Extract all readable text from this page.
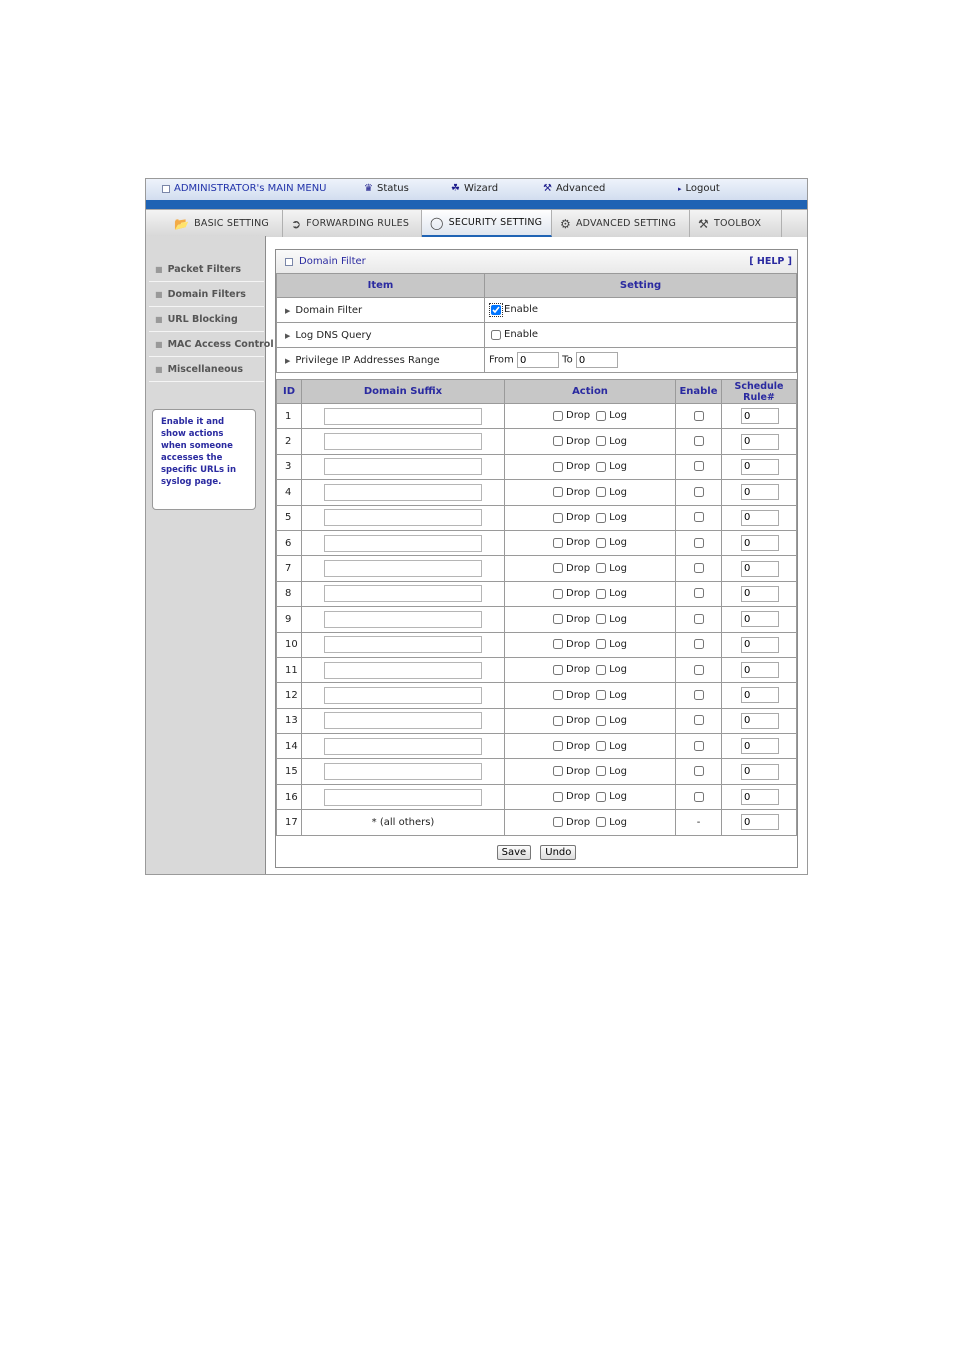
ADMINISTRATOR's MAIN MENU	♛ Status	☘ Wizard	⚒ Advanced	▸ Logout
📂 BASIC SETTING ➲ FORWARDING RULES ◯ SECURITY SETTING ⚙ ADVANCED SETTING ⚒ TOOLBOX
■ Packet Filters
■ Domain Filters
■ URL Blocking
■ MAC Access Control
■ Miscellaneous
Enable it and show actions when someone accesses the specific URLs in syslog page.
Domain Filter	[ HELP ]
Item	Setting
▶ Domain Filter	Enable
▶ Log DNS Query	Enable
▶ Privilege IP Addresses Range	From 0 To 0
ID	Domain Suffix	Action	Enable	Schedule Rule#
1		Drop Log		0
2		Drop Log		0
3		Drop Log		0
4		Drop Log		0
5		Drop Log		0
6		Drop Log		0
7		Drop Log		0
8		Drop Log		0
9		Drop Log		0
10		Drop Log		0
11		Drop Log		0
12		Drop Log		0
13		Drop Log		0
14		Drop Log		0
15		Drop Log		0
16		Drop Log		0
17	* (all others)	Drop Log	-	0
Save Undo
